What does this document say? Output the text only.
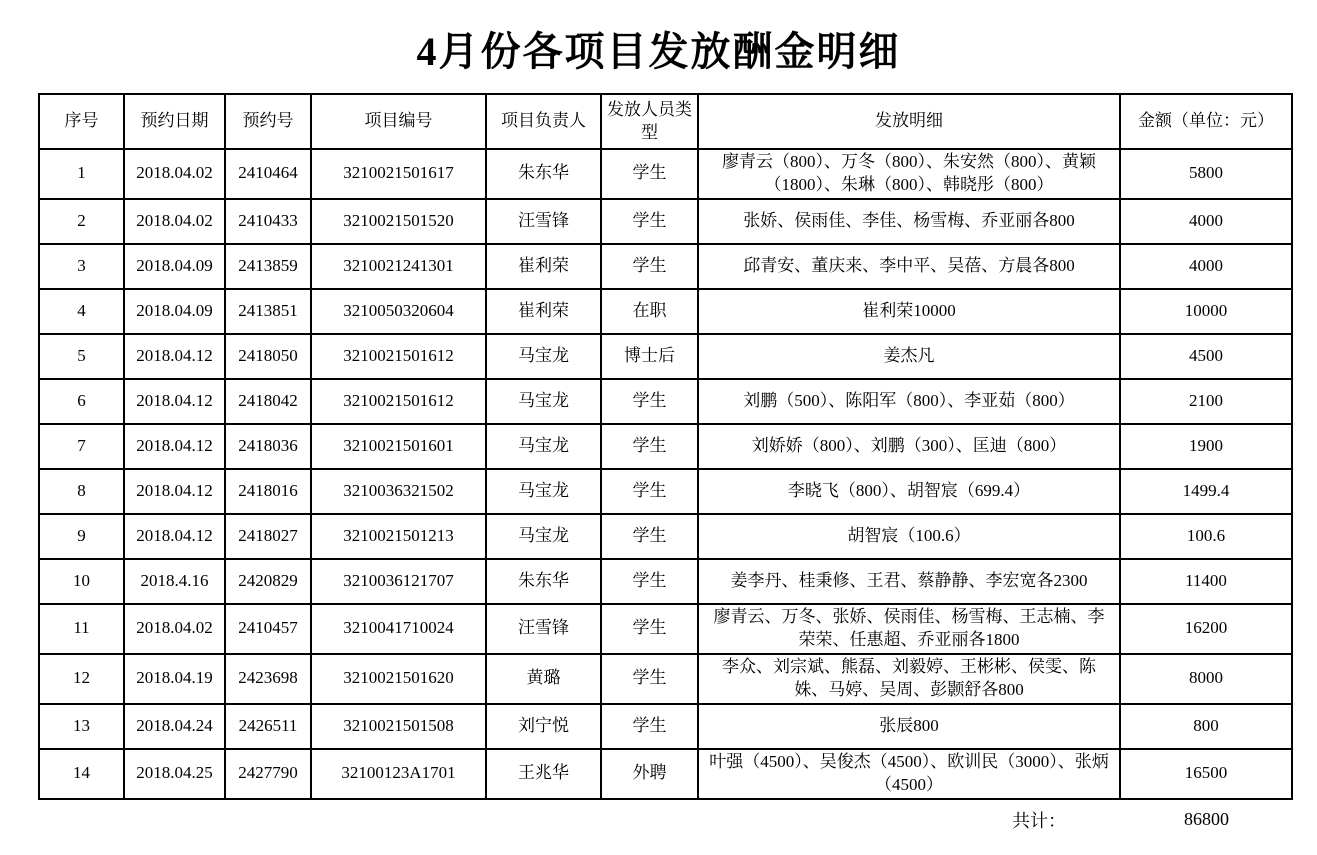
4月份各项目发放酬金明细
序号	预约日期	预约号	项目编号	项目负责人	发放人员类型	发放明细	金额（单位：元）
1	2018.04.02	2410464	3210021501617	朱东华	学生	廖青云（800）、万冬（800）、朱安然（800）、黄颖（1800）、朱琳（800）、韩晓彤（800）	5800
2	2018.04.02	2410433	3210021501520	汪雪锋	学生	张娇、侯雨佳、李佳、杨雪梅、乔亚丽各800	4000
3	2018.04.09	2413859	3210021241301	崔利荣	学生	邱青安、董庆来、李中平、吴蓓、方晨各800	4000
4	2018.04.09	2413851	3210050320604	崔利荣	在职	崔利荣10000	10000
5	2018.04.12	2418050	3210021501612	马宝龙	博士后	姜杰凡	4500
6	2018.04.12	2418042	3210021501612	马宝龙	学生	刘鹏（500）、陈阳军（800）、李亚茹（800）	2100
7	2018.04.12	2418036	3210021501601	马宝龙	学生	刘娇娇（800）、刘鹏（300）、匡迪（800）	1900
8	2018.04.12	2418016	3210036321502	马宝龙	学生	李晓飞（800）、胡智宸（699.4）	1499.4
9	2018.04.12	2418027	3210021501213	马宝龙	学生	胡智宸（100.6）	100.6
10	2018.4.16	2420829	3210036121707	朱东华	学生	姜李丹、桂秉修、王君、蔡静静、李宏宽各2300	11400
11	2018.04.02	2410457	3210041710024	汪雪锋	学生	廖青云、万冬、张娇、侯雨佳、杨雪梅、王志楠、李荣荣、任惠超、乔亚丽各1800	16200
12	2018.04.19	2423698	3210021501620	黄璐	学生	李众、刘宗斌、熊磊、刘毅婷、王彬彬、侯雯、陈姝、马婷、吴周、彭颢舒各800	8000
13	2018.04.24	2426511	3210021501508	刘宁悦	学生	张辰800	800
14	2018.04.25	2427790	32100123A1701	王兆华	外聘	叶强（4500）、吴俊杰（4500）、欧训民（3000）、张炳（4500）	16500
共计：	86800
